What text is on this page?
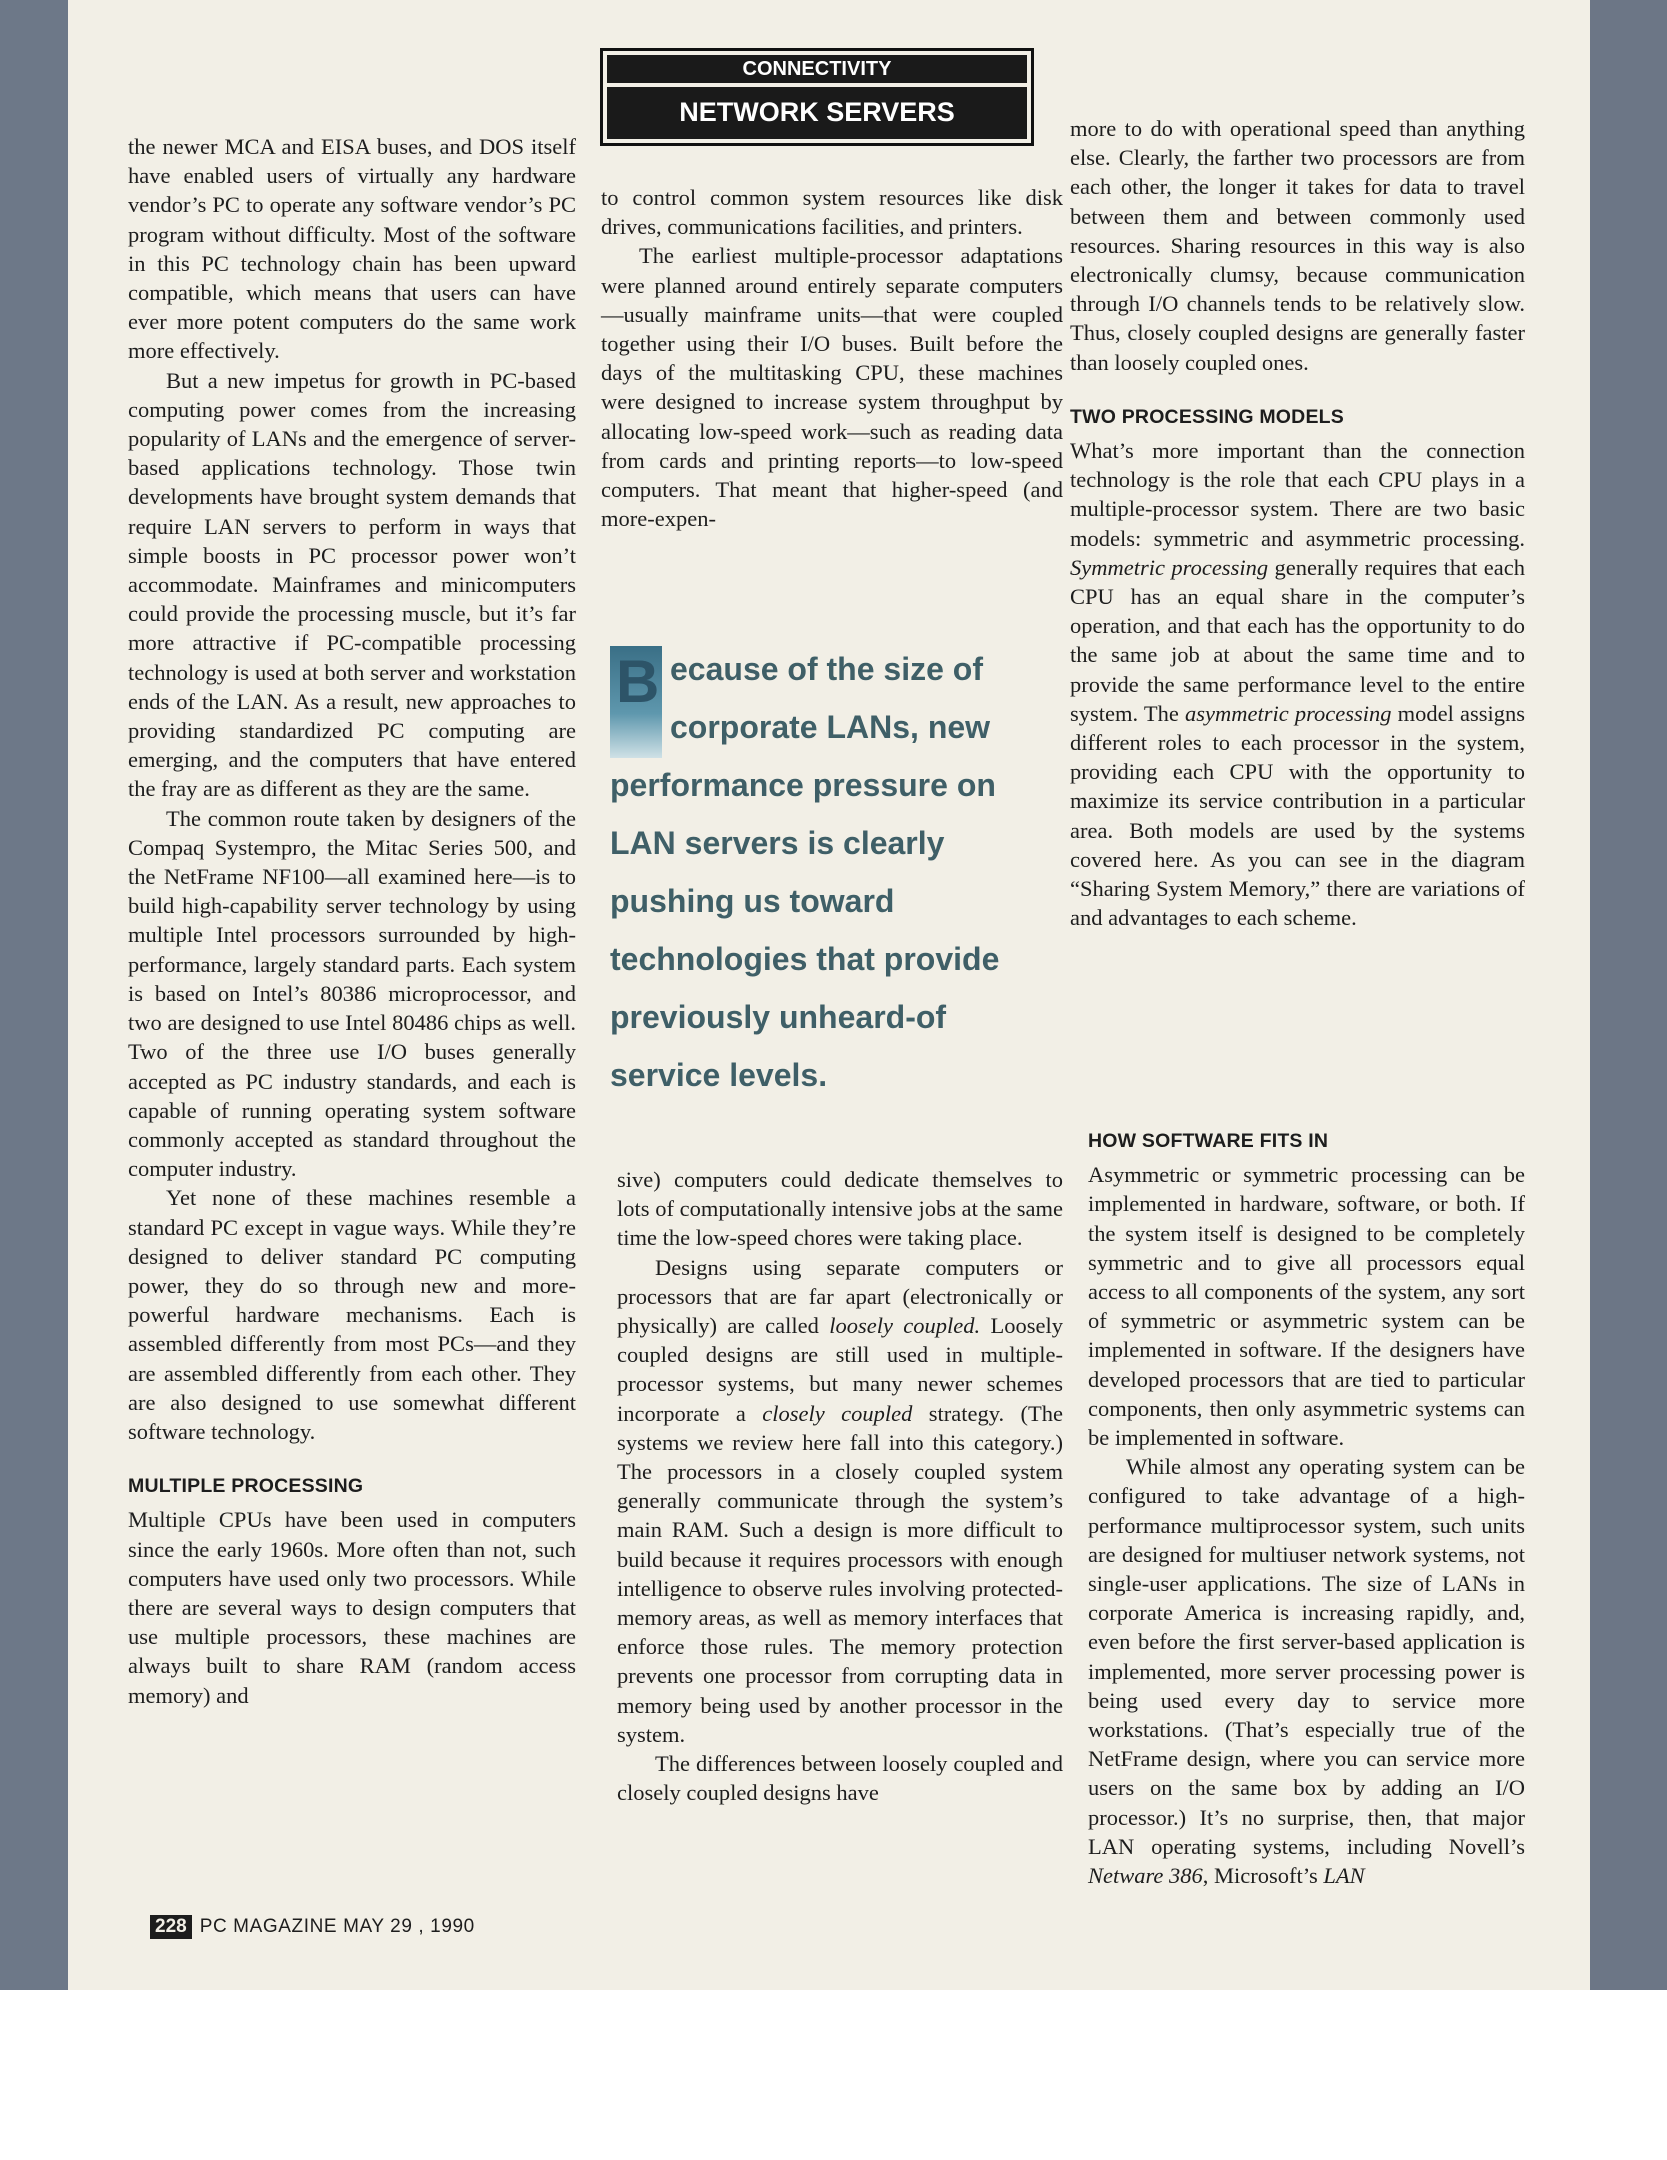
CONNECTIVITY
NETWORK SERVERS

the newer MCA and EISA buses, and DOS itself have enabled users of virtually any hardware vendor’s PC to operate any software vendor’s PC program without difficulty. Most of the software in this PC technology chain has been upward compatible, which means that users can have ever more potent computers do the same work more effectively.

But a new impetus for growth in PC-based computing power comes from the increasing popularity of LANs and the emergence of server-based applications technology. Those twin developments have brought system demands that require LAN servers to perform in ways that simple boosts in PC processor power won’t accommodate. Mainframes and minicomputers could provide the processing muscle, but it’s far more attractive if PC-compatible processing technology is used at both server and workstation ends of the LAN. As a result, new approaches to providing standardized PC computing are emerging, and the computers that have entered the fray are as different as they are the same.

The common route taken by designers of the Compaq Systempro, the Mitac Series 500, and the NetFrame NF100—all examined here—is to build high-capability server technology by using multiple Intel processors surrounded by high-performance, largely standard parts. Each system is based on Intel’s 80386 microprocessor, and two are designed to use Intel 80486 chips as well. Two of the three use I/O buses generally accepted as PC industry standards, and each is capable of running operating system software commonly accepted as standard throughout the computer industry.

Yet none of these machines resemble a standard PC except in vague ways. While they’re designed to deliver standard PC computing power, they do so through new and more-powerful hardware mechanisms. Each is assembled differently from most PCs—and they are assembled differently from each other. They are also designed to use somewhat different software technology.

MULTIPLE PROCESSING

Multiple CPUs have been used in computers since the early 1960s. More often than not, such computers have used only two processors. While there are several ways to design computers that use multiple processors, these machines are always built to share RAM (random access memory) and

to control common system resources like disk drives, communications facilities, and printers.

The earliest multiple-processor adaptations were planned around entirely separate computers—usually mainframe units—that were coupled together using their I/O buses. Built before the days of the multitasking CPU, these machines were designed to increase system throughput by allocating low-speed work—such as reading data from cards and printing reports—to low-speed computers. That meant that higher-speed (and more-expen-

B ecause of the size of
corporate LANs, new
performance pressure on
LAN servers is clearly
pushing us toward
technologies that provide
previously unheard-of
service levels.

sive) computers could dedicate themselves to lots of computationally intensive jobs at the same time the low-speed chores were taking place.

Designs using separate computers or processors that are far apart (electronically or physically) are called loosely coupled. Loosely coupled designs are still used in multiple-processor systems, but many newer schemes incorporate a closely coupled strategy. (The systems we review here fall into this category.) The processors in a closely coupled system generally communicate through the system’s main RAM. Such a design is more difficult to build because it requires processors with enough intelligence to observe rules involving protected-memory areas, as well as memory interfaces that enforce those rules. The memory protection prevents one processor from corrupting data in memory being used by another processor in the system.

The differences between loosely coupled and closely coupled designs have

more to do with operational speed than anything else. Clearly, the farther two processors are from each other, the longer it takes for data to travel between them and between commonly used resources. Sharing resources in this way is also electronically clumsy, because communication through I/O channels tends to be relatively slow. Thus, closely coupled designs are generally faster than loosely coupled ones.

TWO PROCESSING MODELS

What’s more important than the connection technology is the role that each CPU plays in a multiple-processor system. There are two basic models: symmetric and asymmetric processing. Symmetric processing generally requires that each CPU has an equal share in the computer’s operation, and that each has the opportunity to do the same job at about the same time and to provide the same performance level to the entire system. The asymmetric processing model assigns different roles to each processor in the system, providing each CPU with the opportunity to maximize its service contribution in a particular area. Both models are used by the systems covered here. As you can see in the diagram “Sharing System Memory,” there are variations of and advantages to each scheme.

HOW SOFTWARE FITS IN

Asymmetric or symmetric processing can be implemented in hardware, software, or both. If the system itself is designed to be completely symmetric and to give all processors equal access to all components of the system, any sort of symmetric or asymmetric system can be implemented in software. If the designers have developed processors that are tied to particular components, then only asymmetric systems can be implemented in software.

While almost any operating system can be configured to take advantage of a high-performance multiprocessor system, such units are designed for multiuser network systems, not single-user applications. The size of LANs in corporate America is increasing rapidly, and, even before the first server-based application is implemented, more server processing power is being used every day to service more workstations. (That’s especially true of the NetFrame design, where you can service more users on the same box by adding an I/O processor.) It’s no surprise, then, that major LAN operating systems, including Novell’s Netware 386, Microsoft’s LAN

228 PC MAGAZINE MAY 29 , 1990
